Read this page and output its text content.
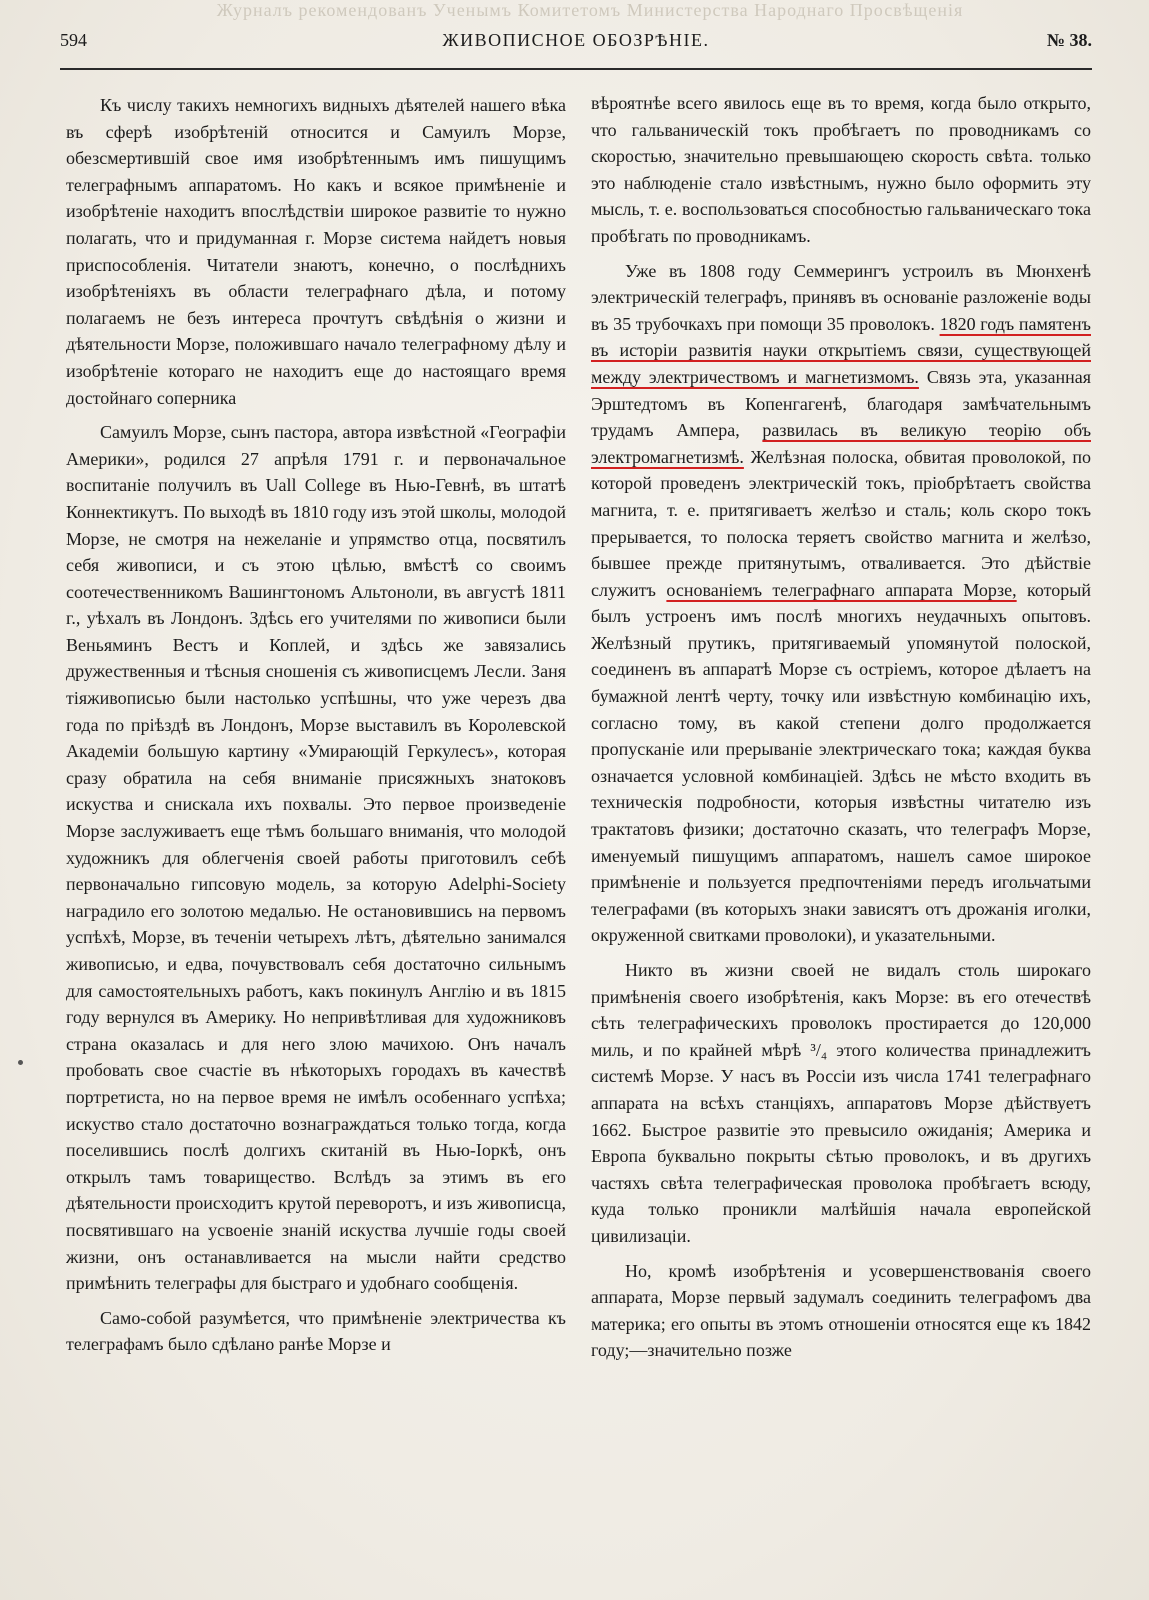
Журналъ рекомендованъ Ученымъ Комитетомъ Министерства Народнаго Просвѣщенія
594	ЖИВОПИСНОЕ ОБОЗРѢНІЕ.	№ 38.

Къ числу такихъ немногихъ видныхъ дѣятелей нашего вѣка въ сферѣ изобрѣтеній относится и Самуилъ Морзе, обезсмертившій свое имя изобрѣтеннымъ имъ пишущимъ телеграфнымъ аппаратомъ. Но какъ и всякое примѣненіе и изобрѣтеніе находитъ впослѣдствіи широкое развитіе то нужно полагать, что и придуманная г. Морзе система найдетъ новыя приспособленія. Читатели знаютъ, конечно, о послѣднихъ изобрѣтеніяхъ въ области телеграфнаго дѣла, и потому полагаемъ не безъ интереса прочтутъ свѣдѣнія о жизни и дѣятельности Морзе, положившаго начало телеграфному дѣлу и изобрѣтеніе котораго не находитъ еще до настоящаго время достойнаго соперника

Самуилъ Морзе, сынъ пастора, автора извѣстной «Географіи Америки», родился 27 апрѣля 1791 г. и первоначальное воспитаніе получилъ въ Uall College въ Нью-Гевнѣ, въ штатѣ Коннектикутъ. По выходѣ въ 1810 году изъ этой школы, молодой Морзе, не смотря на нежеланіе и упрямство отца, посвятилъ себя живописи, и съ этою цѣлью, вмѣстѣ со своимъ соотечественникомъ Вашингтономъ Альтоноли, въ августѣ 1811 г., уѣхалъ въ Лондонъ. Здѣсь его учителями по живописи были Веньяминъ Вестъ и Коплей, и здѣсь же завязались дружественныя и тѣсныя сношенія съ живописцемъ Лесли. Заня тіяживописью были настолько успѣшны, что уже черезъ два года по пріѣздѣ въ Лондонъ, Морзе выставилъ въ Королевской Академіи большую картину «Умирающій Геркулесъ», которая сразу обратила на себя вниманіе присяжныхъ знатоковъ искуства и снискала ихъ похвалы. Это первое произведеніе Морзе заслуживаетъ еще тѣмъ большаго вниманія, что молодой художникъ для облегченія своей работы приготовилъ себѣ первоначально гипсовую модель, за которую Adelphi-Society наградило его золотою медалью. Не остановившись на первомъ успѣхѣ, Морзе, въ теченіи четырехъ лѣтъ, дѣятельно занимался живописью, и едва, почувствовалъ себя достаточно сильнымъ для самостоятельныхъ работъ, какъ покинулъ Англію и въ 1815 году вернулся въ Америку. Но непривѣтливая для художниковъ страна оказалась и для него злою мачихою. Онъ началъ пробовать свое счастіе въ нѣкоторыхъ городахъ въ качествѣ портретиста, но на первое время не имѣлъ особеннаго успѣха; искуство стало достаточно вознаграждаться только тогда, когда поселившись послѣ долгихъ скитаній въ Нью-Іоркѣ, онъ открылъ тамъ товарищество. Вслѣдъ за этимъ въ его дѣятельности происходитъ крутой переворотъ, и изъ живописца, посвятившаго на усвоеніе знаній искуства лучшіе годы своей жизни, онъ останавливается на мысли найти средство примѣнить телеграфы для быстраго и удобнаго сообщенія.

Само-собой разумѣется, что примѣненіе электричества къ телеграфамъ было сдѣлано ранѣе Морзе и

вѣроятнѣе всего явилось еще въ то время, когда было открыто, что гальваническій токъ пробѣгаетъ по проводникамъ со скоростью, значительно превышающею скорость свѣта. только это наблюденіе стало извѣстнымъ, нужно было оформить эту мысль, т. е. воспользоваться способностью гальваническаго тока пробѣгать по проводникамъ.

Уже въ 1808 году Семмерингъ устроилъ въ Мюнхенѣ электрическій телеграфъ, принявъ въ основаніе разложеніе воды въ 35 трубочкахъ при помощи 35 проволокъ. 1820 годъ памятенъ въ исторіи развитія науки открытіемъ связи, существующей между электричествомъ и магнетизмомъ. Связь эта, указанная Эрштедтомъ въ Копенгагенѣ, благодаря замѣчательнымъ трудамъ Ампера, развилась въ великую теорію объ электромагнетизмѣ. Желѣзная полоска, обвитая проволокой, по которой проведенъ электрическій токъ, пріобрѣтаетъ свойства магнита, т. е. притягиваетъ желѣзо и сталь; коль скоро токъ прерывается, то полоска теряетъ свойство магнита и желѣзо, бывшее прежде притянутымъ, отваливается. Это дѣйствіе служитъ основаніемъ телеграфнаго аппарата Морзе, который былъ устроенъ имъ послѣ многихъ неудачныхъ опытовъ. Желѣзный прутикъ, притягиваемый упомянутой полоской, соединенъ въ аппаратѣ Морзе съ остріемъ, которое дѣлаетъ на бумажной лентѣ черту, точку или извѣстную комбинацію ихъ, согласно тому, въ какой степени долго продолжается пропусканіе или прерываніе электрическаго тока; каждая буква означается условной комбинаціей. Здѣсь не мѣсто входить въ техническія подробности, которыя извѣстны читателю изъ трактатовъ физики; достаточно сказать, что телеграфъ Морзе, именуемый пишущимъ аппаратомъ, нашелъ самое широкое примѣненіе и пользуется предпочтеніями передъ игольчатыми телеграфами (въ которыхъ знаки зависятъ отъ дрожанія иголки, окруженной свитками проволоки), и указательными.

Никто въ жизни своей не видалъ столь широкаго примѣненія своего изобрѣтенія, какъ Морзе: въ его отечествѣ сѣть телеграфическихъ проволокъ простирается до 120,000 миль, и по крайней мѣрѣ ³/₄ этого количества принадлежитъ системѣ Морзе. У насъ въ Россіи изъ числа 1741 телеграфнаго аппарата на всѣхъ станціяхъ, аппаратовъ Морзе дѣйствуетъ 1662. Быстрое развитіе это превысило ожиданія; Америка и Европа буквально покрыты сѣтью проволокъ, и въ другихъ частяхъ свѣта телеграфическая проволока пробѣгаетъ всюду, куда только проникли малѣйшія начала европейской цивилизаціи.

Но, кромѣ изобрѣтенія и усовершенствованія своего аппарата, Морзе первый задумалъ соединить телеграфомъ два материка; его опыты въ этомъ отношеніи относятся еще къ 1842 году;—значительно позже
